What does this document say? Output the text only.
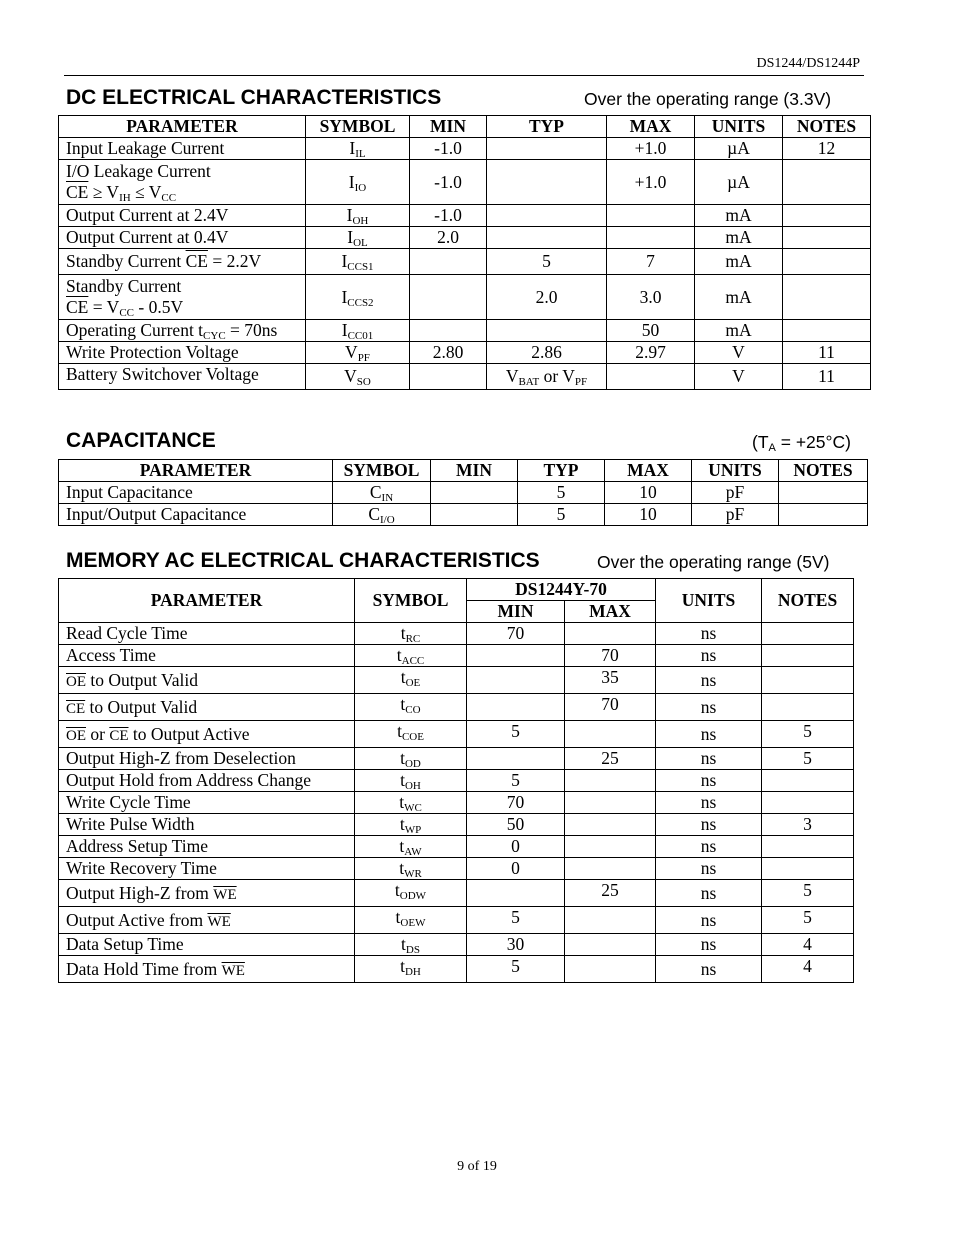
DS1244/DS1244P
DC ELECTRICAL CHARACTERISTICS	Over the operating range (3.3V)
PARAMETER	SYMBOL	MIN	TYP	MAX	UNITS	NOTES
Input Leakage Current	$I_{IL}$	-1.0		+1.0	µA	12
I/O Leakage Current
$\overline{CE} \ge V_{IH} \le V_{CC}$	$I_{IO}$	-1.0		+1.0	µA	
Output Current at 2.4V	$I_{OH}$	-1.0			mA	
Output Current at 0.4V	$I_{OL}$	2.0			mA	
Standby Current $\overline{CE} = 2.2V$	$I_{CCS1}$		5	7	mA	
Standby Current
$\overline{CE} = V_{CC} - 0.5V$	$I_{CCS2}$		2.0	3.0	mA	
Operating Current $t_{CYC} = 70ns$	$I_{CC01}$			50	mA	
Write Protection Voltage	$V_{PF}$	2.80	2.86	2.97	V	11
Battery Switchover Voltage	$V_{SO}$		$V_{BAT}$ or $V_{PF}$		V	11
CAPACITANCE	$(T_A = +25^\circ C)$
PARAMETER	SYMBOL	MIN	TYP	MAX	UNITS	NOTES
Input Capacitance	$C_{IN}$		5	10	pF	
Input/Output Capacitance	$C_{I/O}$		5	10	pF	
MEMORY AC ELECTRICAL CHARACTERISTICS	Over the operating range (5V)
PARAMETER	SYMBOL	DS1244Y-70		UNITS	NOTES
		MIN	MAX		
Read Cycle Time	$t_{RC}$	70		ns	
Access Time	$t_{ACC}$		70	ns	
$\overline{OE}$ to Output Valid	$t_{OE}$		35	ns	
$\overline{CE}$ to Output Valid	$t_{CO}$		70	ns	
$\overline{OE}$ or $\overline{CE}$ to Output Active	$t_{COE}$	5		ns	5
Output High-Z from Deselection	$t_{OD}$		25	ns	5
Output Hold from Address Change	$t_{OH}$	5		ns	
Write Cycle Time	$t_{WC}$	70		ns	
Write Pulse Width	$t_{WP}$	50		ns	3
Address Setup Time	$t_{AW}$	0		ns	
Write Recovery Time	$t_{WR}$	0		ns	
Output High-Z from $\overline{WE}$	$t_{ODW}$		25	ns	5
Output Active from $\overline{WE}$	$t_{OEW}$	5		ns	5
Data Setup Time	$t_{DS}$	30		ns	4
Data Hold Time from $\overline{WE}$	$t_{DH}$	5		ns	4
9 of 19
